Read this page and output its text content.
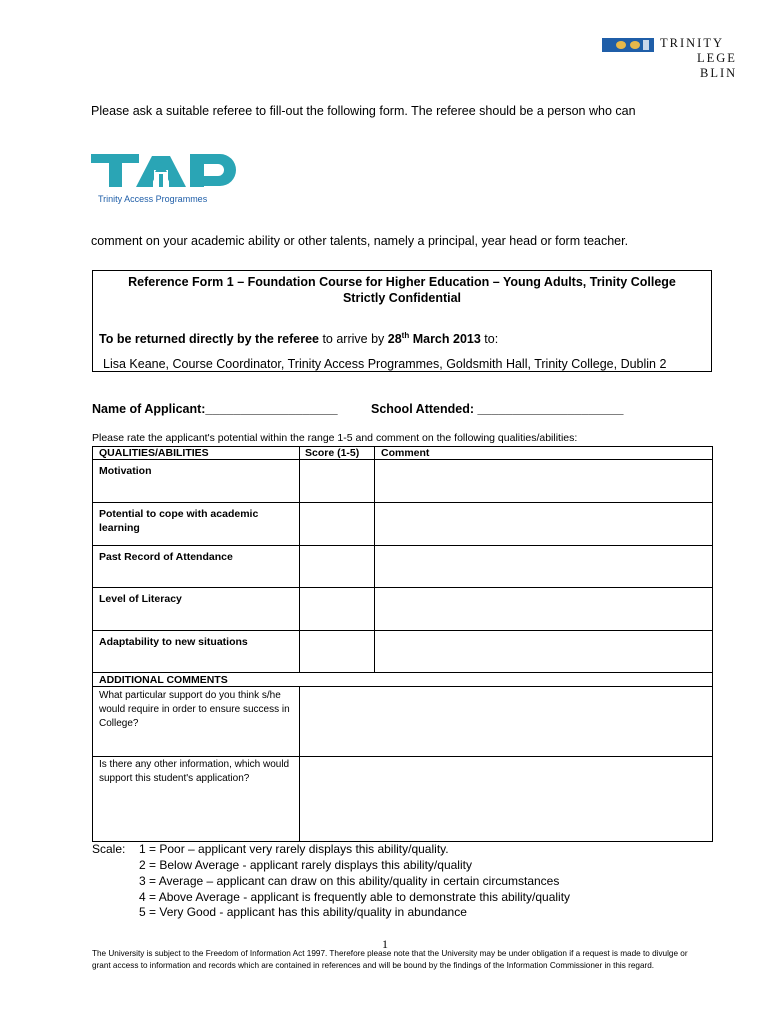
TRINITY
LEGE
BLIN
Please ask a suitable referee to fill-out the following form. The referee should be a person who can
Trinity Access Programmes
comment on your academic ability or other talents, namely a principal, year head or form teacher.
Reference Form 1 – Foundation Course for Higher Education – Young Adults, Trinity College
Strictly Confidential
To be returned directly by the referee to arrive by 28th March 2013 to:
Lisa Keane, Course Coordinator, Trinity Access Programmes, Goldsmith Hall, Trinity College, Dublin 2
Name of Applicant:___________________	School Attended: _____________________
Please rate the applicant's potential within the range 1-5 and comment on the following qualities/abilities:
QUALITIES/ABILITIES	Score (1-5)	Comment
Motivation
Potential to cope with academic learning
Past Record of Attendance
Level of Literacy
Adaptability to new situations
ADDITIONAL COMMENTS
What particular support do you think s/he would require in order to ensure success in College?
Is there any other information, which would support this student's application?
Scale: 1 = Poor – applicant very rarely displays this ability/quality.
2 = Below Average - applicant rarely displays this ability/quality
3 = Average – applicant can draw on this ability/quality in certain circumstances
4 = Above Average - applicant is frequently able to demonstrate this ability/quality
5 = Very Good - applicant has this ability/quality in abundance
1
The University is subject to the Freedom of Information Act 1997. Therefore please note that the University may be under obligation if a request is made to divulge or grant access to information and records which are contained in references and will be bound by the findings of the Information Commissioner in this regard.
